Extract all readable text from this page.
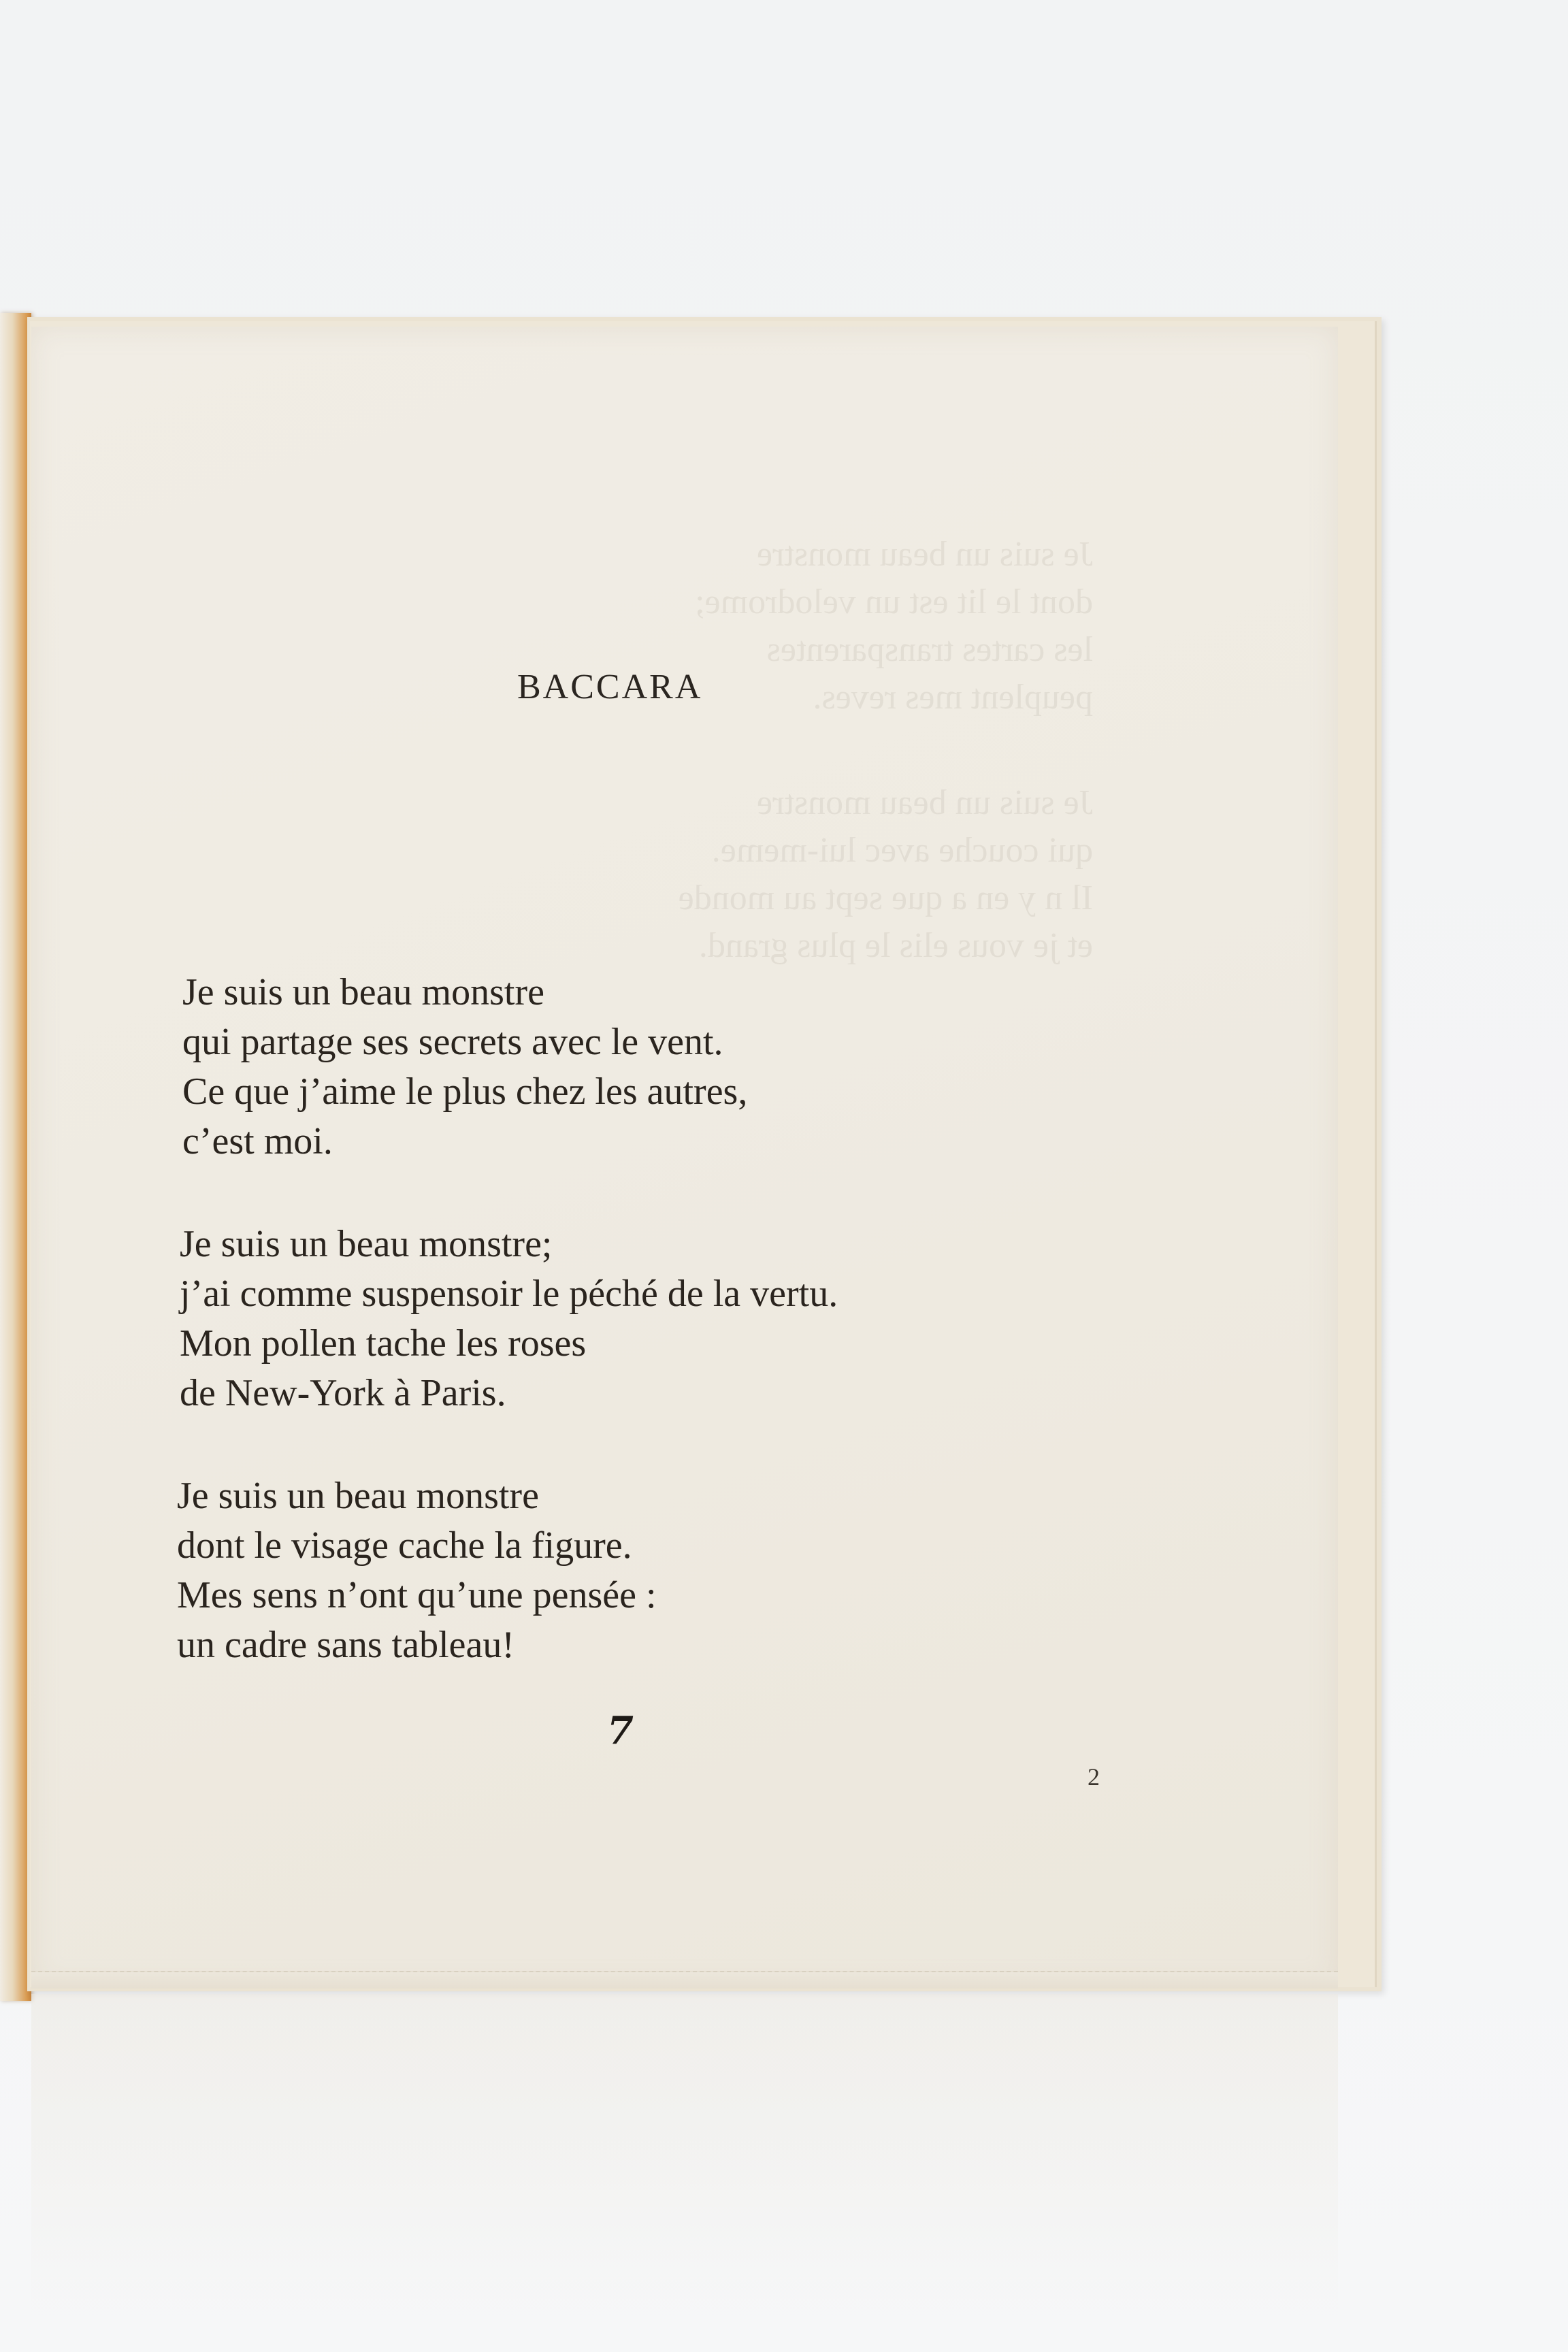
Je suis un beau monstre
dont le lit est un velodrome;
les cartes transparentes
peuplent mes reves.
Je suis un beau monstre
qui couche avec lui-meme.
Il n y en a que sept au monde
et je vous elis le plus grand.
BACCARA
Je suis un beau monstre
qui partage ses secrets avec le vent.
Ce que j’aime le plus chez les autres,
c’est moi.
Je suis un beau monstre;
j’ai comme suspensoir le péché de la vertu.
Mon pollen tache les roses
de New-York à Paris.
Je suis un beau monstre
dont le visage cache la figure.
Mes sens n’ont qu’une pensée :
un cadre sans tableau!
7
2
